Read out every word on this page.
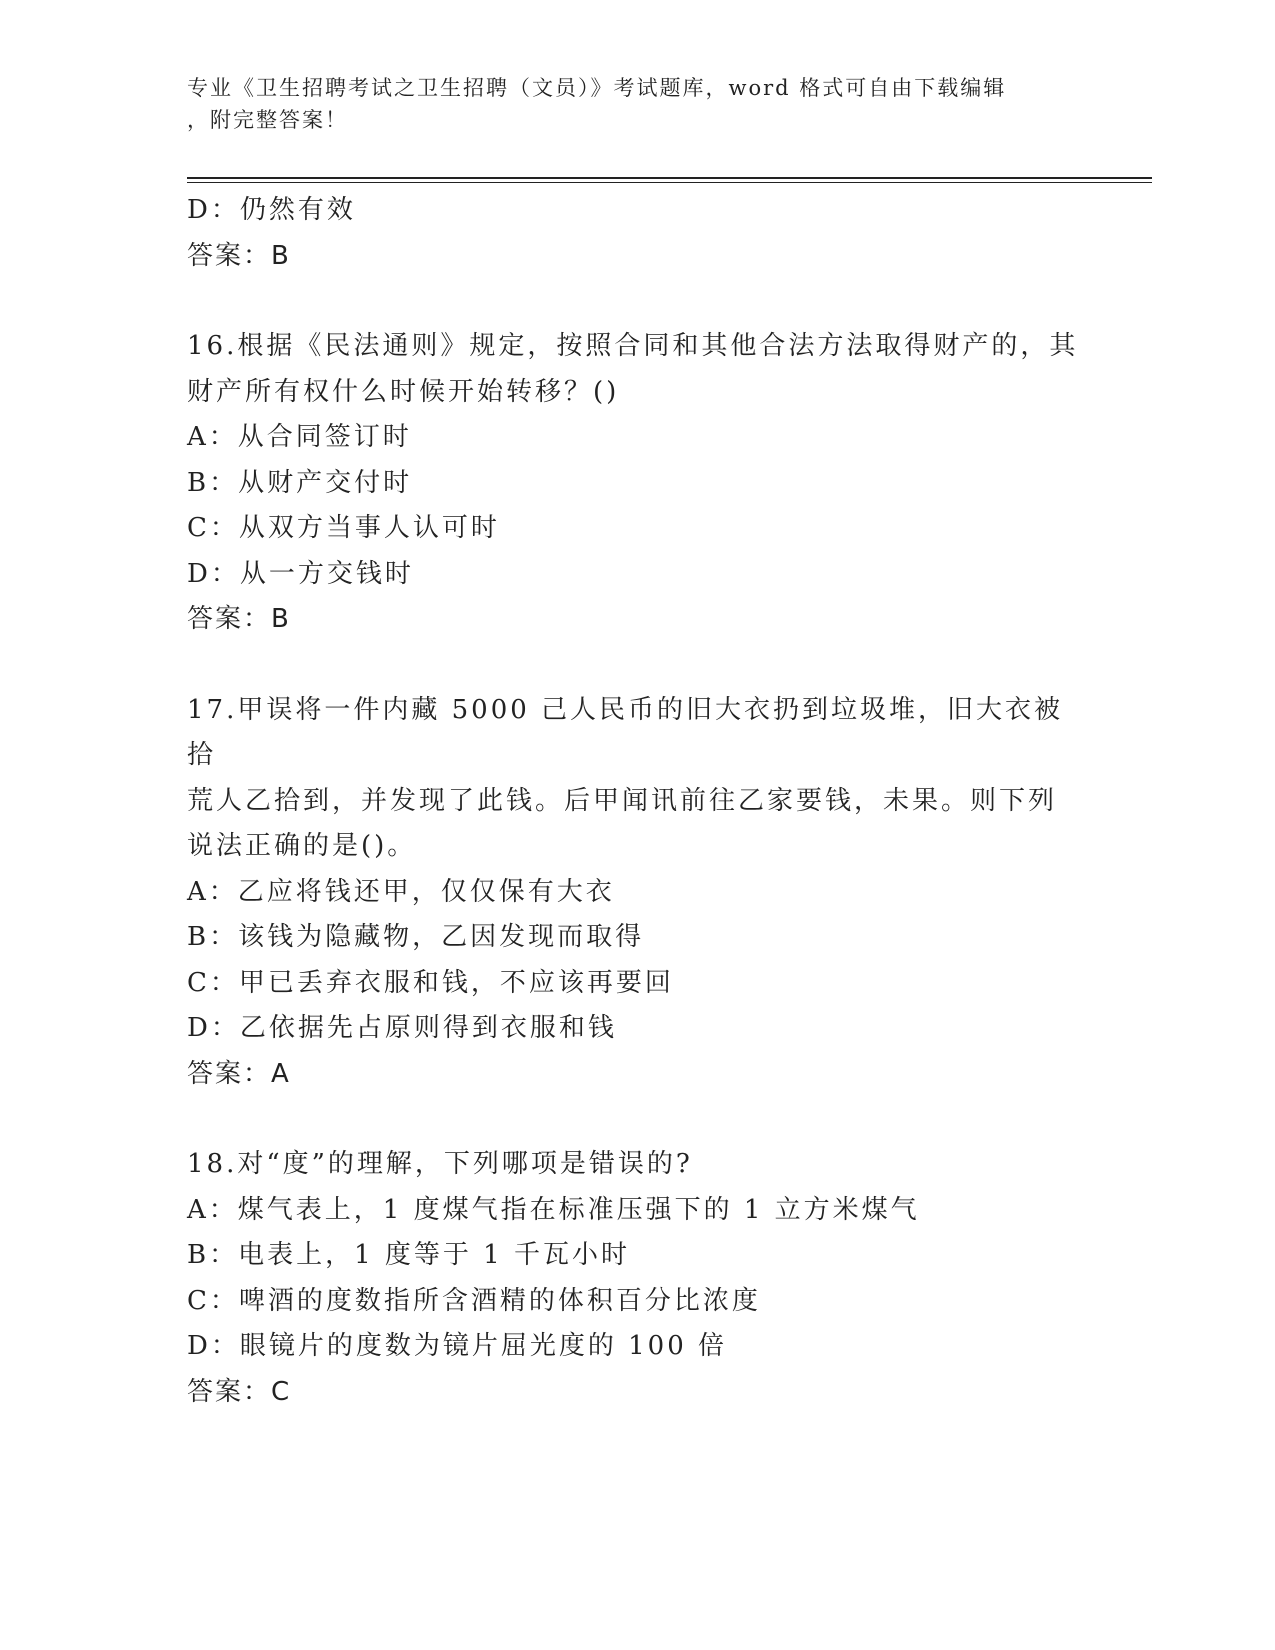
专业《卫生招聘考试之卫生招聘（文员）》考试题库，word 格式可自由下载编辑
，附完整答案！
D：仍然有效
答案：B
16.根据《民法通则》规定，按照合同和其他合法方法取得财产的，其
财产所有权什么时候开始转移？()
A：从合同签订时
B：从财产交付时
C：从双方当事人认可时
D：从一方交钱时
答案：B
17.甲误将一件内藏 5000 己人民币的旧大衣扔到垃圾堆，旧大衣被拾
荒人乙拾到，并发现了此钱。后甲闻讯前往乙家要钱，未果。则下列
说法正确的是()。
A：乙应将钱还甲，仅仅保有大衣
B：该钱为隐藏物，乙因发现而取得
C：甲已丢弃衣服和钱，不应该再要回
D：乙依据先占原则得到衣服和钱
答案：A
18.对“度”的理解，下列哪项是错误的?
A：煤气表上，1 度煤气指在标准压强下的 1 立方米煤气
B：电表上，1 度等于 1 千瓦小时
C：啤酒的度数指所含酒精的体积百分比浓度
D：眼镜片的度数为镜片屈光度的 100 倍
答案：C
